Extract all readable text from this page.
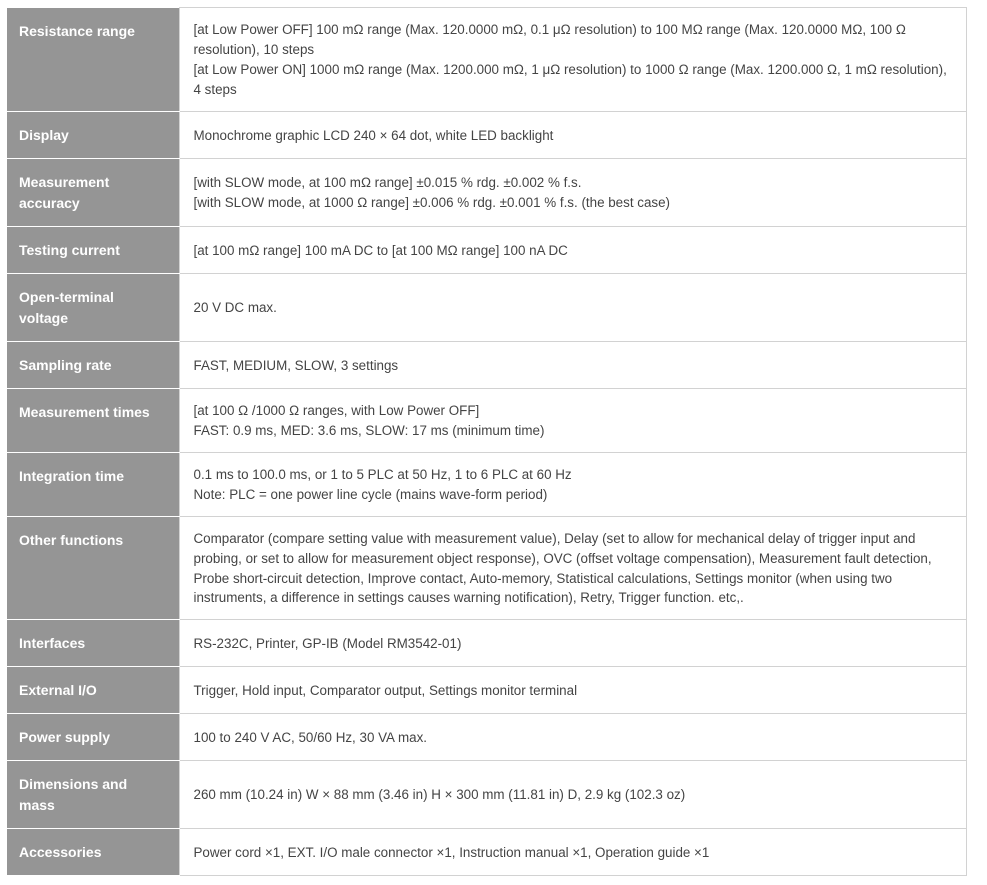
Resistance range	[at Low Power OFF] 100 mΩ range (Max. 120.0000 mΩ, 0.1 μΩ resolution) to 100 MΩ range (Max. 120.0000 MΩ, 100 Ω resolution), 10 steps
[at Low Power ON] 1000 mΩ range (Max. 1200.000 mΩ, 1 μΩ resolution) to 1000 Ω range (Max. 1200.000 Ω, 1 mΩ resolution), 4 steps

Display	Monochrome graphic LCD 240 × 64 dot, white LED backlight

Measurement accuracy	[with SLOW mode, at 100 mΩ range] ±0.015 % rdg. ±0.002 % f.s.
[with SLOW mode, at 1000 Ω range] ±0.006 % rdg. ±0.001 % f.s. (the best case)

Testing current	[at 100 mΩ range] 100 mA DC to [at 100 MΩ range] 100 nA DC

Open-terminal voltage	20 V DC max.

Sampling rate	FAST, MEDIUM, SLOW, 3 settings

Measurement times	[at 100 Ω /1000 Ω ranges, with Low Power OFF]
FAST: 0.9 ms, MED: 3.6 ms, SLOW: 17 ms (minimum time)

Integration time	0.1 ms to 100.0 ms, or 1 to 5 PLC at 50 Hz, 1 to 6 PLC at 60 Hz
Note: PLC = one power line cycle (mains wave-form period)

Other functions	Comparator (compare setting value with measurement value), Delay (set to allow for mechanical delay of trigger input and probing, or set to allow for measurement object response), OVC (offset voltage compensation), Measurement fault detection, Probe short-circuit detection, Improve contact, Auto-memory, Statistical calculations, Settings monitor (when using two instruments, a difference in settings causes warning notification), Retry, Trigger function. etc,.

Interfaces	RS-232C, Printer, GP-IB (Model RM3542-01)

External I/O	Trigger, Hold input, Comparator output, Settings monitor terminal

Power supply	100 to 240 V AC, 50/60 Hz, 30 VA max.

Dimensions and mass	260 mm (10.24 in) W × 88 mm (3.46 in) H × 300 mm (11.81 in) D, 2.9 kg (102.3 oz)

Accessories	Power cord ×1, EXT. I/O male connector ×1, Instruction manual ×1, Operation guide ×1
